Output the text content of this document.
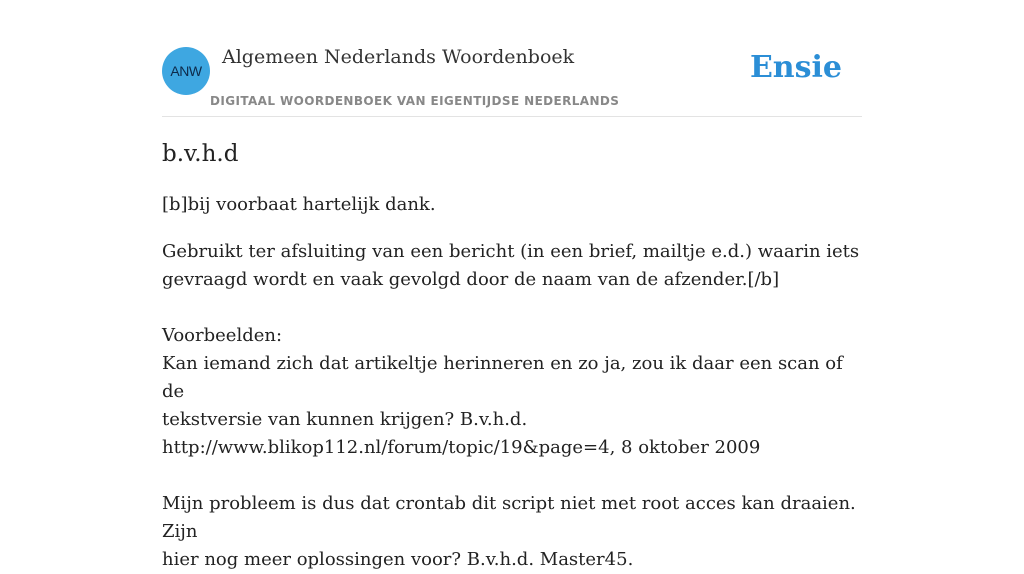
ANW
Algemeen Nederlands Woordenboek
DIGITAAL WOORDENBOEK VAN EIGENTIJDSE NEDERLANDS
Ensie
b.v.h.d

[b]bij voorbaat hartelijk dank.

Gebruikt ter afsluiting van een bericht (in een brief, mailtje e.d.) waarin iets
gevraagd wordt en vaak gevolgd door de naam van de afzender.[/b]
Voorbeelden:
Kan iemand zich dat artikeltje herinneren en zo ja, zou ik daar een scan of de
tekstversie van kunnen krijgen? B.v.h.d.
http://www.blikop112.nl/forum/topic/19&page=4, 8 oktober 2009
Mijn probleem is dus dat crontab dit script niet met root acces kan draaien. Zijn
hier nog meer oplossingen voor? B.v.h.d. Master45.
